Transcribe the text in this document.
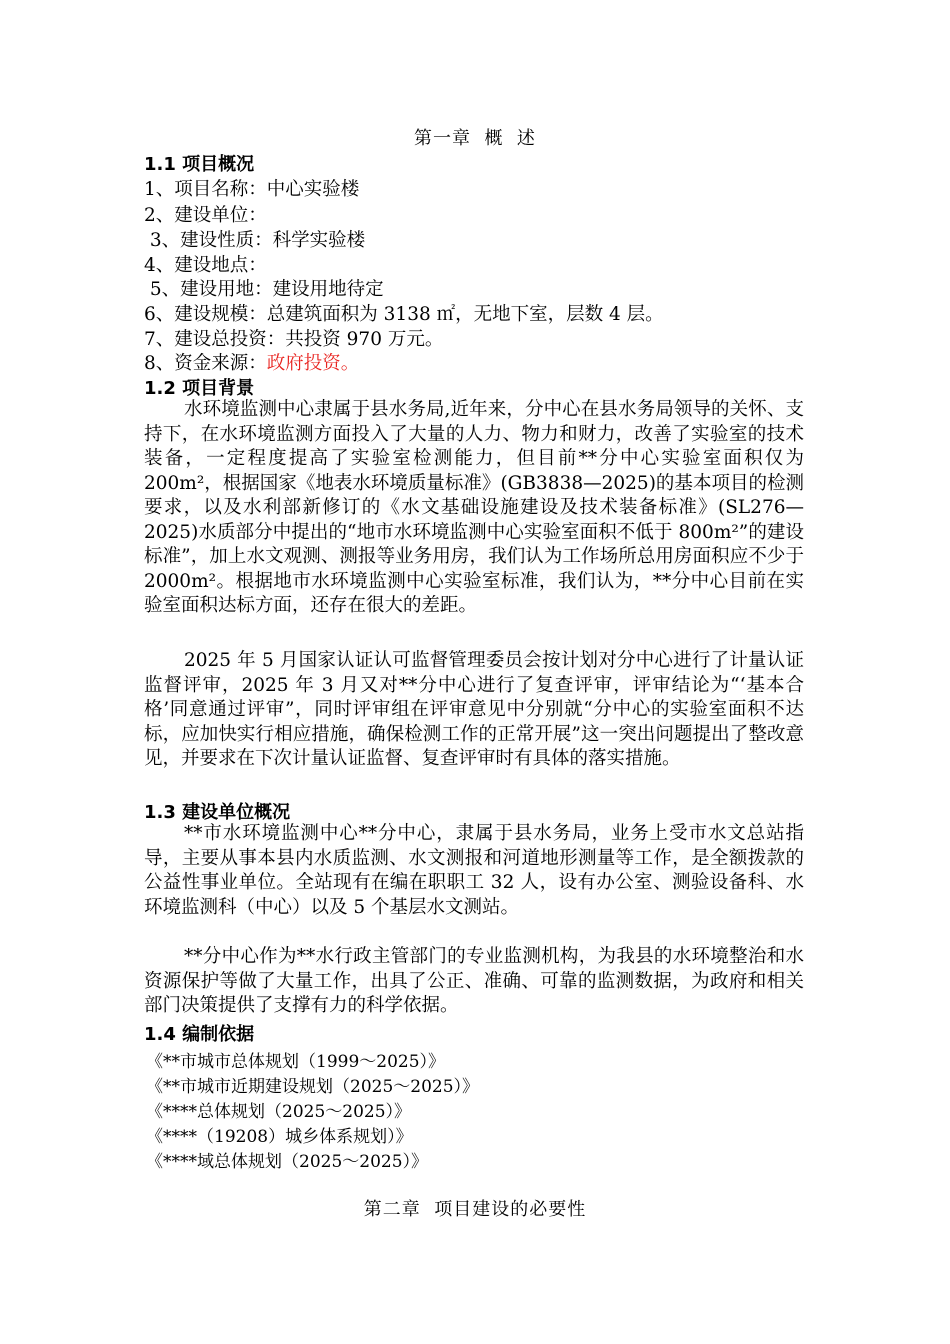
第一章  概  述
1.1 项目概况
1、项目名称：中心实验楼
2、建设单位：
3、建设性质：科学实验楼
4、建设地点：
5、建设用地：建设用地待定
6、建设规模：总建筑面积为 3138 ㎡，无地下室，层数 4 层。
7、建设总投资：共投资 970 万元。
8、资金来源：政府投资。
1.2 项目背景
水环境监测中心隶属于县水务局,近年来，分中心在县水务局领导的关怀、支持下，在水环境监测方面投入了大量的人力、物力和财力，改善了实验室的技术装备，一定程度提高了实验室检测能力，但目前**分中心实验室面积仅为 200m²，根据国家《地表水环境质量标准》(GB3838—2025)的基本项目的检测要求，以及水利部新修订的《水文基础设施建设及技术装备标准》(SL276—2025)水质部分中提出的“地市水环境监测中心实验室面积不低于 800m²”的建设标准”，加上水文观测、测报等业务用房，我们认为工作场所总用房面积应不少于 2000m²。根据地市水环境监测中心实验室标准，我们认为，**分中心目前在实验室面积达标方面，还存在很大的差距。
2025 年 5 月国家认证认可监督管理委员会按计划对分中心进行了计量认证监督评审，2025 年 3 月又对**分中心进行了复查评审，评审结论为“‘基本合格’同意通过评审”，同时评审组在评审意见中分别就“分中心的实验室面积不达标，应加快实行相应措施，确保检测工作的正常开展”这一突出问题提出了整改意见，并要求在下次计量认证监督、复查评审时有具体的落实措施。
1.3 建设单位概况
**市水环境监测中心**分中心，隶属于县水务局，业务上受市水文总站指导，主要从事本县内水质监测、水文测报和河道地形测量等工作，是全额拨款的公益性事业单位。全站现有在编在职职工 32 人，设有办公室、测验设备科、水环境监测科（中心）以及 5 个基层水文测站。
**分中心作为**水行政主管部门的专业监测机构，为我县的水环境整治和水资源保护等做了大量工作，出具了公正、准确、可靠的监测数据，为政府和相关部门决策提供了支撑有力的科学依据。
1.4 编制依据
《**市城市总体规划（1999～2025）》
《**市城市近期建设规划（2025～2025）》
《****总体规划（2025～2025）》
《****（19208）城乡体系规划）》
《****域总体规划（2025～2025）》
第二章  项目建设的必要性
